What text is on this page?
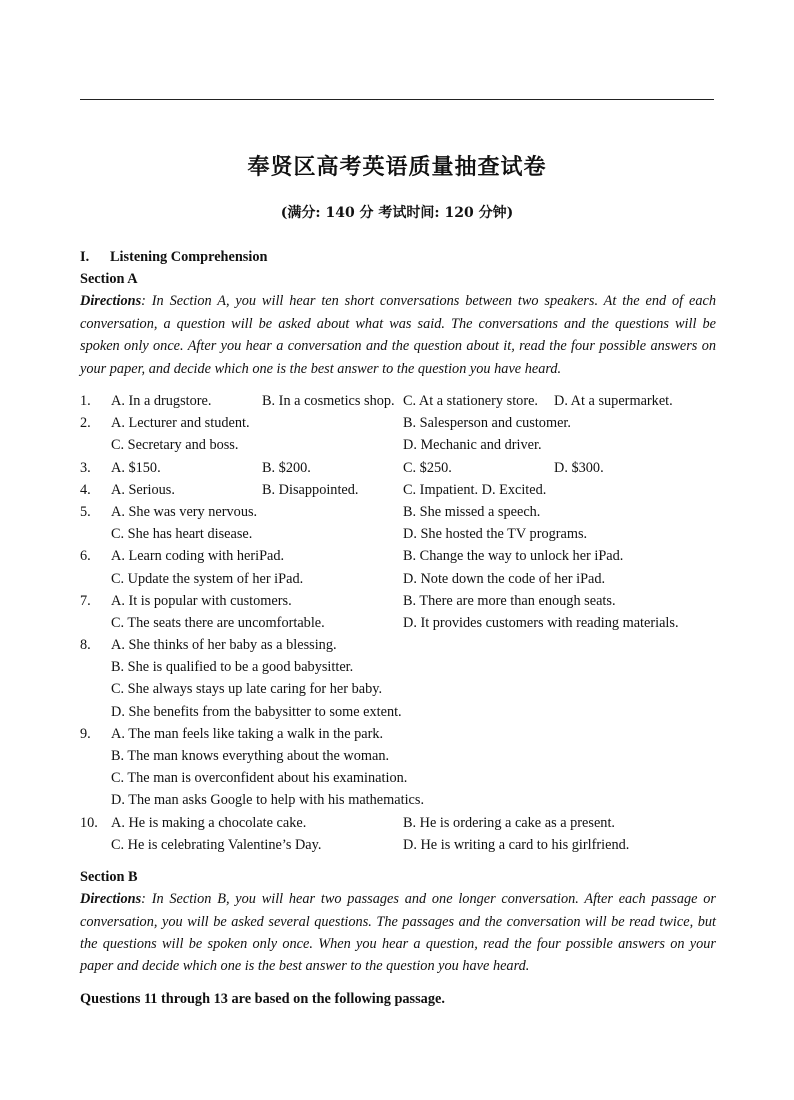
奉贤区高考英语质量抽查试卷
(满分: 140 分 考试时间: 120 分钟)
I.	Listening Comprehension
Section A

Directions: In Section A, you will hear ten short conversations between two speakers. At the end of each conversation, a question will be asked about what was said. The conversations and the questions will be spoken only once. After you hear a conversation and the question about it, read the four possible answers on your paper, and decide which one is the best answer to the question you have heard.

1. A. In a drugstore.	B. In a cosmetics shop. C. At a stationery store. D. At a supermarket.
2. A. Lecturer and student.	B. Salesperson and customer.
C. Secretary and boss.	D. Mechanic and driver.
3. A. $150.	B. $200.	C. $250.	D. $300.
4. A. Serious.	B. Disappointed.	C. Impatient. D. Excited.
5. A. She was very nervous.	B. She missed a speech.
C. She has heart disease.	D. She hosted the TV programs.
6. A. Learn coding with heriPad.	B. Change the way to unlock her iPad.
C. Update the system of her iPad.	D. Note down the code of her iPad.
7. A. It is popular with customers.	B. There are more than enough seats.
C. The seats there are uncomfortable.	D. It provides customers with reading materials.
8. A. She thinks of her baby as a blessing.
B. She is qualified to be a good babysitter.
C. She always stays up late caring for her baby.
D. She benefits from the babysitter to some extent.
9. A. The man feels like taking a walk in the park.
B. The man knows everything about the woman.
C. The man is overconfident about his examination.
D. The man asks Google to help with his mathematics.
10. A. He is making a chocolate cake.	B. He is ordering a cake as a present.
C. He is celebrating Valentine’s Day.	D. He is writing a card to his girlfriend.
Section B

Directions: In Section B, you will hear two passages and one longer conversation. After each passage or conversation, you will be asked several questions. The passages and the conversation will be read twice, but the questions will be spoken only once. When you hear a question, read the four possible answers on your paper and decide which one is the best answer to the question you have heard.

Questions 11 through 13 are based on the following passage.
